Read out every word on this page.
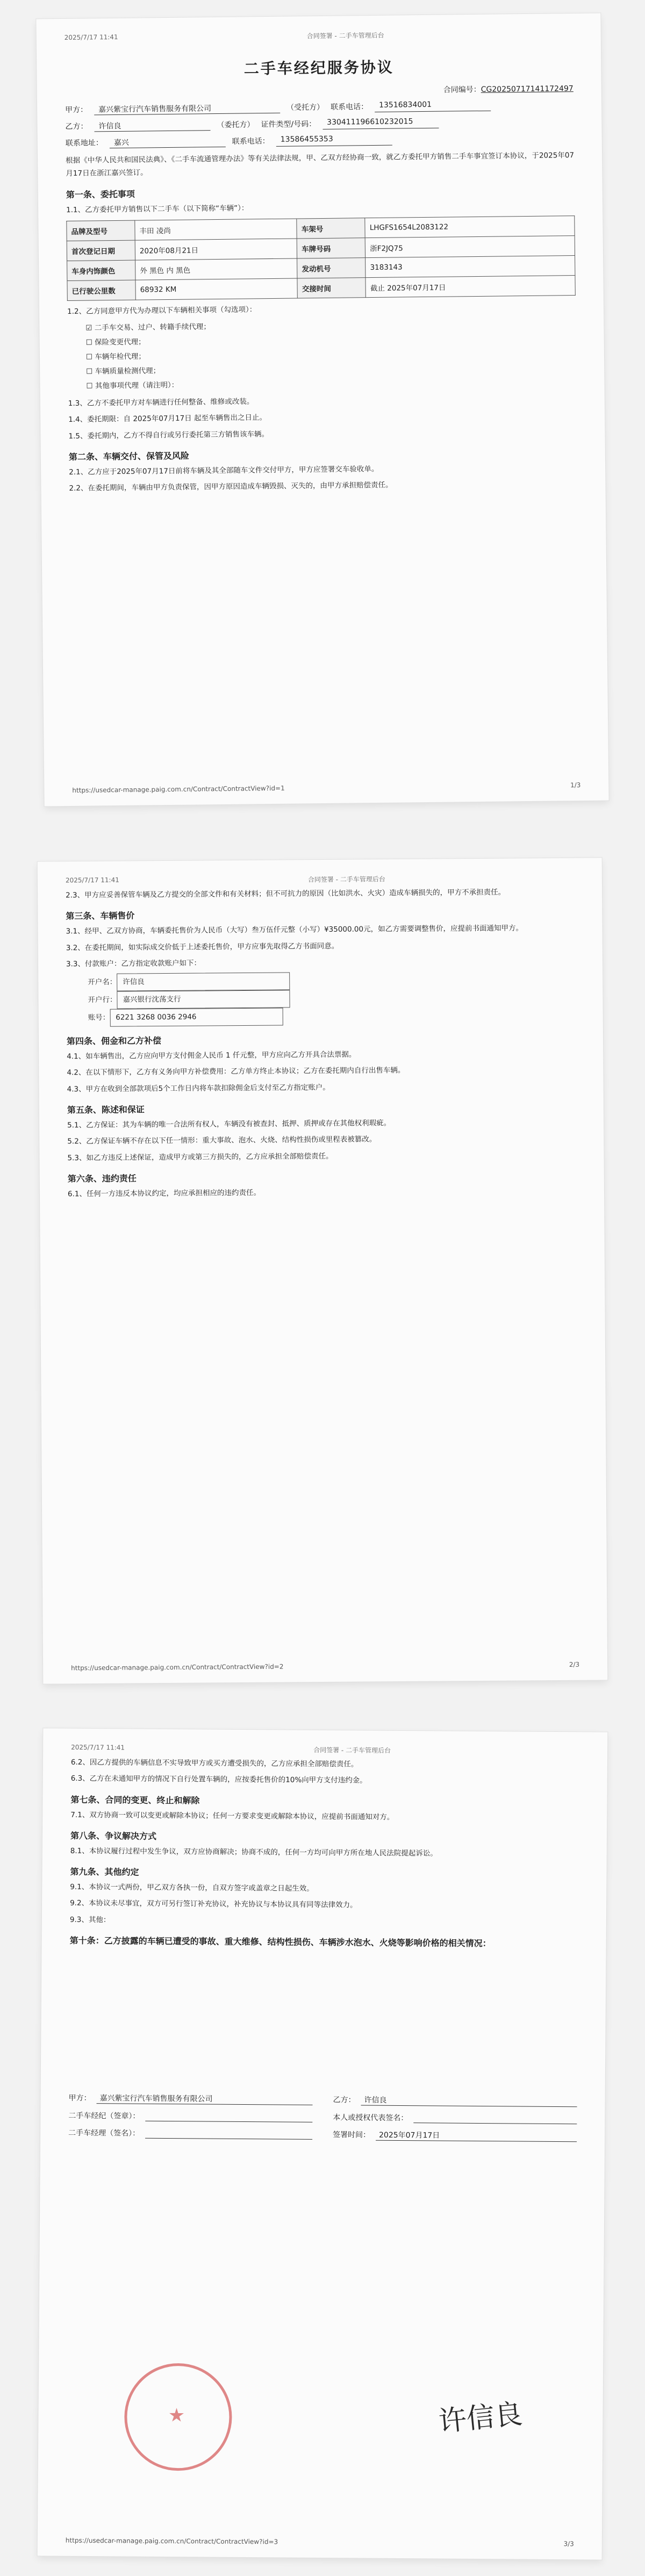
2025/7/17 11:41	合同签署 - 二手车管理后台
二手车经纪服务协议
合同编号：CG20250717141172497
甲方：	嘉兴紫宝行汽车销售服务有限公司	（受托方） 联系电话：	13516834001
乙方：	许信良	（委托方） 证件类型/号码：	330411196610232015
联系地址：	嘉兴	联系电话：	13586455353

根据《中华人民共和国民法典》、《二手车流通管理办法》等有关法律法规，甲、乙双方经协商一致，就乙方委托甲方销售二手车事宜签订本协议，于2025年07月17日在浙江嘉兴签订。

第一条、委托事项

1.1、乙方委托甲方销售以下二手车（以下简称“车辆”）：

品牌及型号	丰田 凌尚	车架号	LHGFS1654L2083122
首次登记日期	2020年08月21日	车牌号码	浙F2JQ75
车身内饰颜色	外 黑色 内 黑色	发动机号	3183143
已行驶公里数	68932 KM	交接时间	截止 2025年07月17日

1.2、乙方同意甲方代为办理以下车辆相关事项（勾选项）：

☑ 二手车交易、过户、转籍手续代理；
☐ 保险变更代理；
☐ 车辆年检代理；
☐ 车辆质量检测代理；
☐ 其他事项代理（请注明）：

1.3、乙方不委托甲方对车辆进行任何整备、维修或改装。

1.4、委托期限：自 2025年07月17日 起至车辆售出之日止。

1.5、委托期内，乙方不得自行或另行委托第三方销售该车辆。

第二条、车辆交付、保管及风险

2.1、乙方应于2025年07月17日前将车辆及其全部随车文件交付甲方，甲方应签署交车验收单。

2.2、在委托期间，车辆由甲方负责保管，因甲方原因造成车辆毁损、灭失的，由甲方承担赔偿责任。

https://usedcar-manage.paig.com.cn/Contract/ContractView?id=1	1/3
2025/7/17 11:41	合同签署 - 二手车管理后台

2.3、甲方应妥善保管车辆及乙方提交的全部文件和有关材料；但不可抗力的原因（比如洪水、火灾）造成车辆损失的，甲方不承担责任。

第三条、车辆售价

3.1、经甲、乙双方协商，车辆委托售价为人民币（大写）叁万伍仟元整（小写）¥35000.00元，如乙方需要调整售价，应提前书面通知甲方。

3.2、在委托期间，如实际成交价低于上述委托售价，甲方应事先取得乙方书面同意。

3.3、付款账户：乙方指定收款账户如下：

开户名： 许信良
开户行： 嘉兴银行沈荡支行
账号： 6221 3268 0036 2946
第四条、佣金和乙方补偿

4.1、如车辆售出，乙方应向甲方支付佣金人民币 1 仟元整，甲方应向乙方开具合法票据。

4.2、在以下情形下，乙方有义务向甲方补偿费用：乙方单方终止本协议；乙方在委托期内自行出售车辆。

4.3、甲方在收到全部款项后5个工作日内将车款扣除佣金后支付至乙方指定账户。

第五条、陈述和保证

5.1、乙方保证：其为车辆的唯一合法所有权人，车辆没有被查封、抵押、质押或存在其他权利瑕疵。

5.2、乙方保证车辆不存在以下任一情形：重大事故、泡水、火烧、结构性损伤或里程表被篡改。

5.3、如乙方违反上述保证，造成甲方或第三方损失的，乙方应承担全部赔偿责任。

第六条、违约责任

6.1、任何一方违反本协议约定，均应承担相应的违约责任。

https://usedcar-manage.paig.com.cn/Contract/ContractView?id=2	2/3
2025/7/17 11:41	合同签署 - 二手车管理后台

6.2、因乙方提供的车辆信息不实导致甲方或买方遭受损失的，乙方应承担全部赔偿责任。

6.3、乙方在未通知甲方的情况下自行处置车辆的，应按委托售价的10%向甲方支付违约金。

第七条、合同的变更、终止和解除

7.1、双方协商一致可以变更或解除本协议；任何一方要求变更或解除本协议，应提前书面通知对方。

第八条、争议解决方式

8.1、本协议履行过程中发生争议，双方应协商解决；协商不成的，任何一方均可向甲方所在地人民法院提起诉讼。

第九条、其他约定

9.1、本协议一式两份，甲乙双方各执一份，自双方签字或盖章之日起生效。

9.2、本协议未尽事宜，双方可另行签订补充协议，补充协议与本协议具有同等法律效力。

9.3、其他：

第十条：乙方披露的车辆已遭受的事故、重大维修、结构性损伤、车辆涉水泡水、火烧等影响价格的相关情况：
甲方：	嘉兴紫宝行汽车销售服务有限公司
二手车经纪（签章）：
二手车经理（签名）：
乙方：	许信良
本人或授权代表签名：
签署时间：	2025年07月17日
许信良
https://usedcar-manage.paig.com.cn/Contract/ContractView?id=3	3/3
